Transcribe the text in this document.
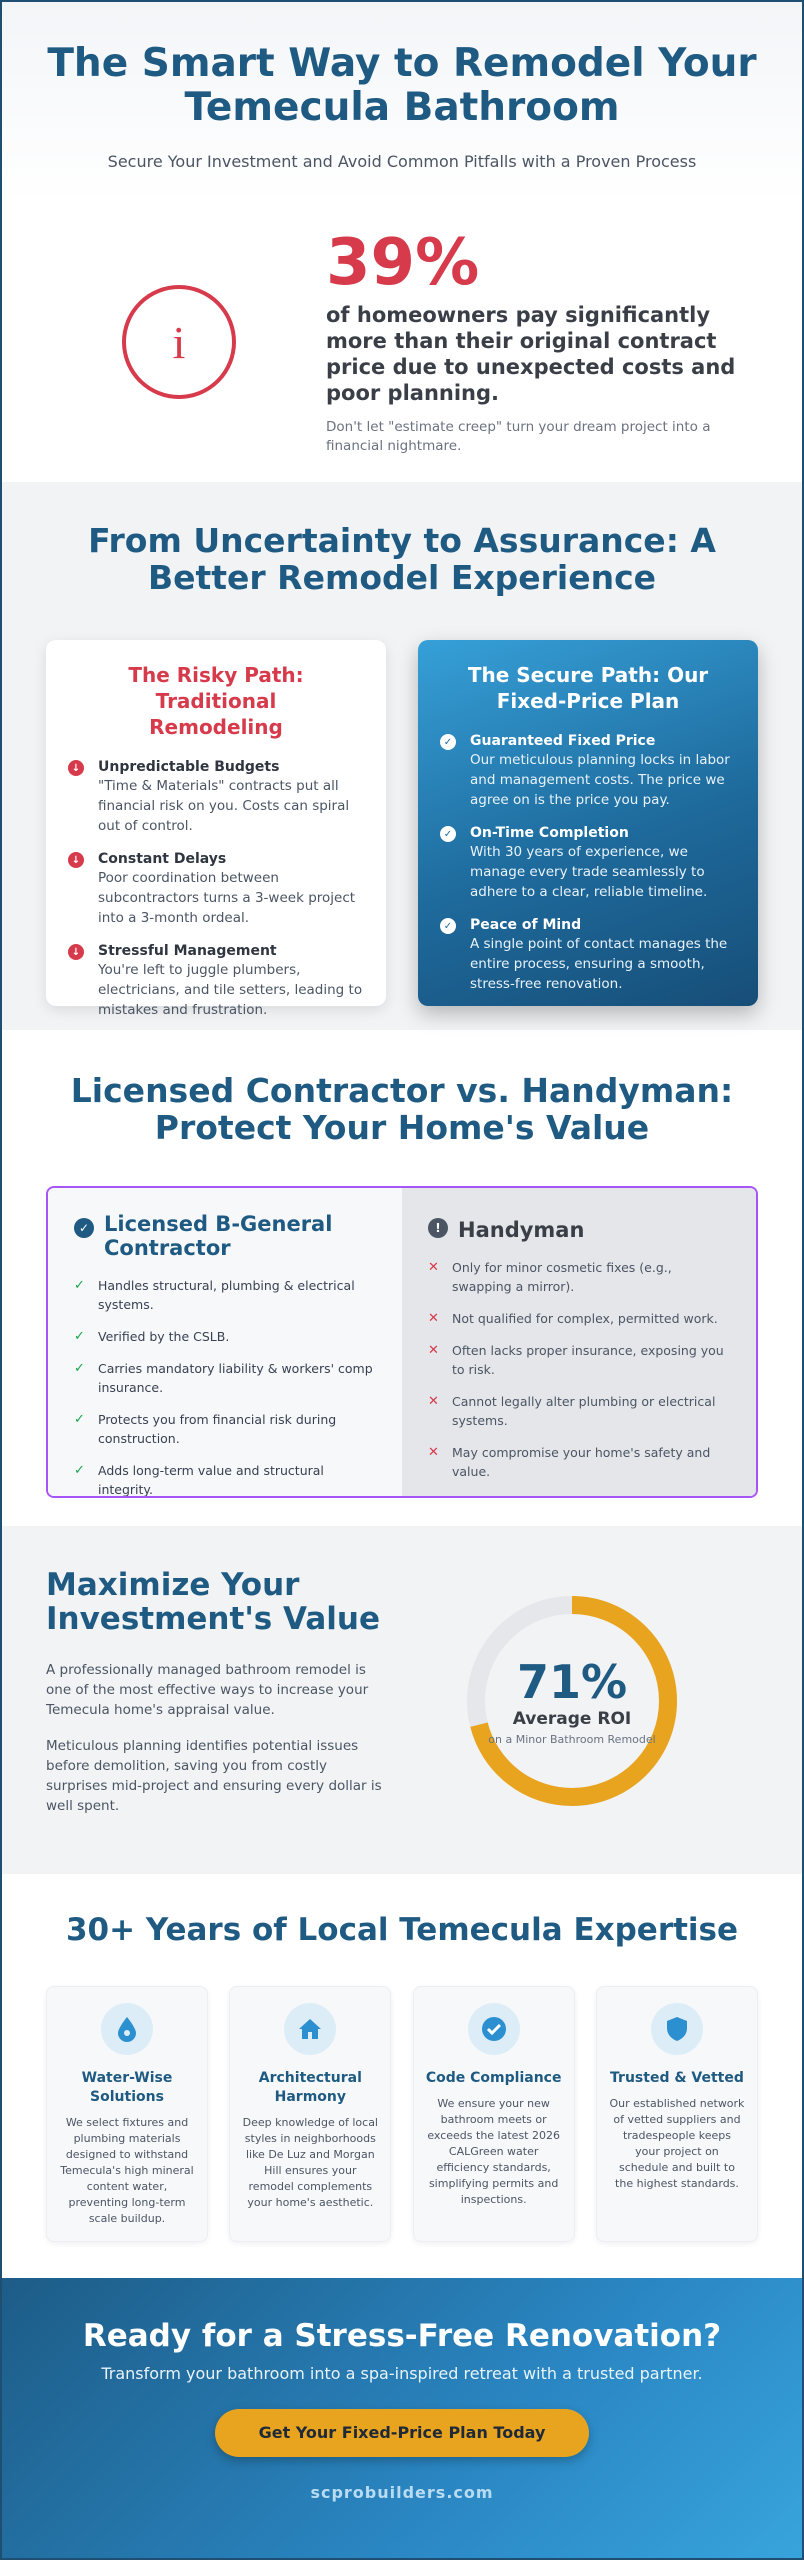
The Smart Way to Remodel Your Temecula Bathroom

Secure Your Investment and Avoid Common Pitfalls with a Proven Process

i
39%
of homeowners pay significantly more than their original contract price due to unexpected costs and poor planning.
Don't let "estimate creep" turn your dream project into a financial nightmare.
From Uncertainty to Assurance: A Better Remodel Experience
The Risky Path: Traditional Remodeling
↓ Unpredictable Budgets
"Time & Materials" contracts put all financial risk on you. Costs can spiral out of control.
↓ Constant Delays
Poor coordination between subcontractors turns a 3-week project into a 3-month ordeal.
↓ Stressful Management
You're left to juggle plumbers, electricians, and tile setters, leading to mistakes and frustration.
The Secure Path: Our Fixed-Price Plan
✓ Guaranteed Fixed Price
Our meticulous planning locks in labor and management costs. The price we agree on is the price you pay.
✓ On-Time Completion
With 30 years of experience, we manage every trade seamlessly to adhere to a clear, reliable timeline.
✓ Peace of Mind
A single point of contact manages the entire process, ensuring a smooth, stress-free renovation.
Licensed Contractor vs. Handyman: Protect Your Home's Value
✓ Licensed B-General Contractor
✓	Handles structural, plumbing & electrical systems.
✓	Verified by the CSLB.
✓	Carries mandatory liability & workers' comp insurance.
✓	Protects you from financial risk during construction.
✓	Adds long-term value and structural integrity.
! Handyman
✕	Only for minor cosmetic fixes (e.g., swapping a mirror).
✕	Not qualified for complex, permitted work.
✕	Often lacks proper insurance, exposing you to risk.
✕	Cannot legally alter plumbing or electrical systems.
✕	May compromise your home's safety and value.
Maximize Your Investment's Value

A professionally managed bathroom remodel is one of the most effective ways to increase your Temecula home's appraisal value.

Meticulous planning identifies potential issues before demolition, saving you from costly surprises mid-project and ensuring every dollar is well spent.

71%
Average ROI
on a Minor Bathroom Remodel
30+ Years of Local Temecula Expertise
Water-Wise Solutions
We select fixtures and plumbing materials designed to withstand Temecula's high mineral content water, preventing long-term scale buildup.
Architectural Harmony
Deep knowledge of local styles in neighborhoods like De Luz and Morgan Hill ensures your remodel complements your home's aesthetic.
Code Compliance
We ensure your new bathroom meets or exceeds the latest 2026 CALGreen water efficiency standards, simplifying permits and inspections.
Trusted & Vetted
Our established network of vetted suppliers and tradespeople keeps your project on schedule and built to the highest standards.
Ready for a Stress-Free Renovation?

Transform your bathroom into a spa-inspired retreat with a trusted partner.

Get Your Fixed-Price Plan Today
scprobuilders.com
